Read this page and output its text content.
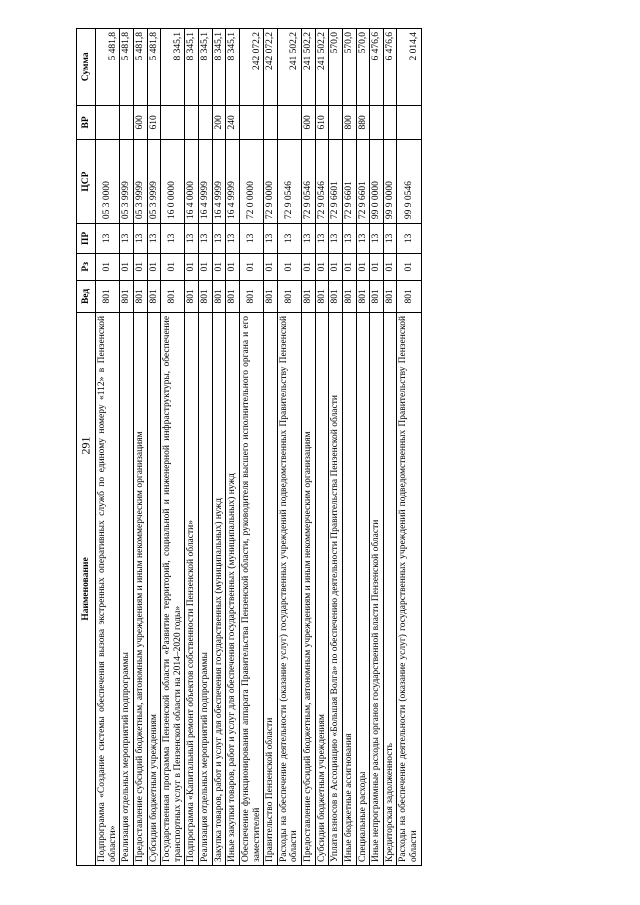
291
Наименование	Вед	Рз	ПР	ЦСР	ВР	Сумма
Подпрограмма «Создание системы обеспечения вызова экстренных оперативных служб по единому номеру «112» в Пензенской области»	801	01	13	05 3 0000		5 481,8
Реализация отдельных мероприятий подпрограммы	801	01	13	05 3 9999		5 481,8
Предоставление субсидий бюджетным, автономным учреждениям и иным некоммерческим организациям	801	01	13	05 3 9999	600	5 481,8
Субсидии бюджетным учреждениям	801	01	13	05 3 9999	610	5 481,8
Государственная программа Пензенской области «Развитие территорий, социальной и инженерной инфраструктуры, обеспечение транспортных услуг в Пензенской области на 2014–2020 годы»	801	01	13	16 0 0000		8 345,1
Подпрограмма «Капитальный ремонт объектов собственности Пензенской области»	801	01	13	16 4 0000		8 345,1
Реализация отдельных мероприятий подпрограммы	801	01	13	16 4 9999		8 345,1
Закупка товаров, работ и услуг для обеспечения государственных (муниципальных) нужд	801	01	13	16 4 9999	200	8 345,1
Иные закупки товаров, работ и услуг для обеспечения государственных (муниципальных) нужд	801	01	13	16 4 9999	240	8 345,1
Обеспечение функционирования аппарата Правительства Пензенской области, руководителя высшего исполнительного органа и его заместителей	801	01	13	72 0 0000		242 072,2
Правительство Пензенской области	801	01	13	72 9 0000		242 072,2
Расходы на обеспечение деятельности (оказание услуг) государственных учреждений подведомственных Правительству Пензенской области	801	01	13	72 9 0546		241 502,2
Предоставление субсидий бюджетным, автономным учреждениям и иным некоммерческим организациям	801	01	13	72 9 0546	600	241 502,2
Субсидии бюджетным учреждениям	801	01	13	72 9 0546	610	241 502,2
Уплата взносов в Ассоциацию «Большая Волга» по обеспечению деятельности Правительства Пензенской области	801	01	13	72 9 6601		570,0
Иные бюджетные ассигнования	801	01	13	72 9 6601	800	570,0
Специальные расходы	801	01	13	72 9 6601	880	570,0
Иные непрограммные расходы органов государственной власти Пензенской области	801	01	13	99 0 0000		6 476,6
Кредиторская задолженность	801	01	13	99 9 0000		6 476,6
Расходы на обеспечение деятельности (оказание услуг) государственных учреждений подведомственных Правительству Пензенской области	801	01	13	99 9 0546		2 014,4
